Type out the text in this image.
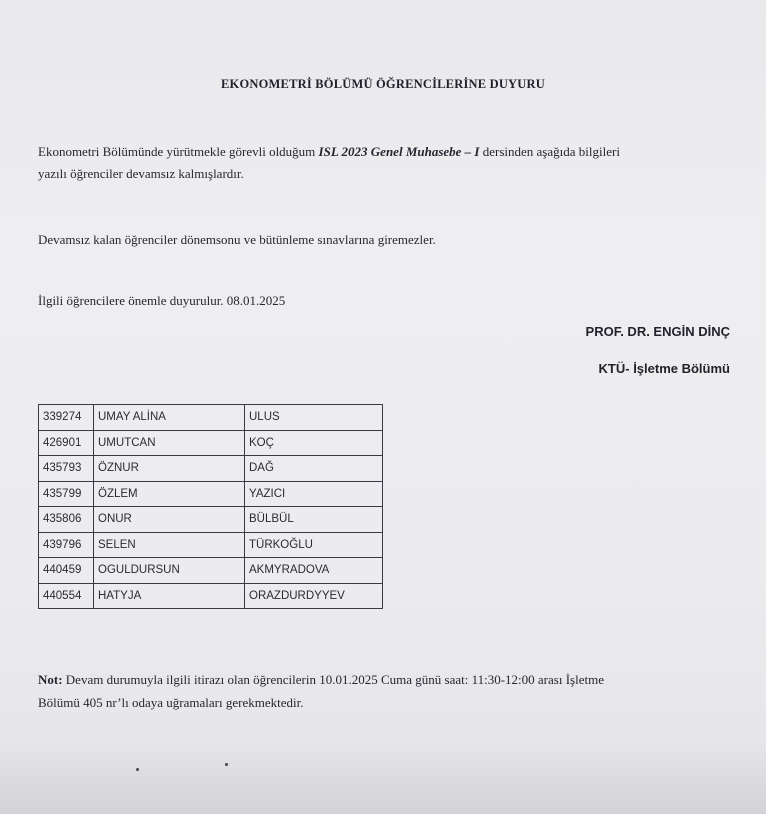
EKONOMETRİ BÖLÜMÜ ÖĞRENCİLERİNE DUYURU
Ekonometri Bölümünde yürütmekle görevli olduğum ISL 2023 Genel Muhasebe – I dersinden aşağıda bilgileri
yazılı öğrenciler devamsız kalmışlardır.
Devamsız kalan öğrenciler dönemsonu ve bütünleme sınavlarına giremezler.
İlgili öğrencilere önemle duyurulur. 08.01.2025
PROF. DR. ENGİN DİNÇ
KTÜ- İşletme Bölümü
339274	UMAY ALİNA	ULUS
426901	UMUTCAN	KOÇ
435793	ÖZNUR	DAĞ
435799	ÖZLEM	YAZICI
435806	ONUR	BÜLBÜL
439796	SELEN	TÜRKOĞLU
440459	OGULDURSUN	AKMYRADOVA
440554	HATYJA	ORAZDURDYYEV
Not: Devam durumuyla ilgili itirazı olan öğrencilerin 10.01.2025 Cuma günü saat: 11:30-12:00 arası İşletme
Bölümü 405 nr’lı odaya uğramaları gerekmektedir.
